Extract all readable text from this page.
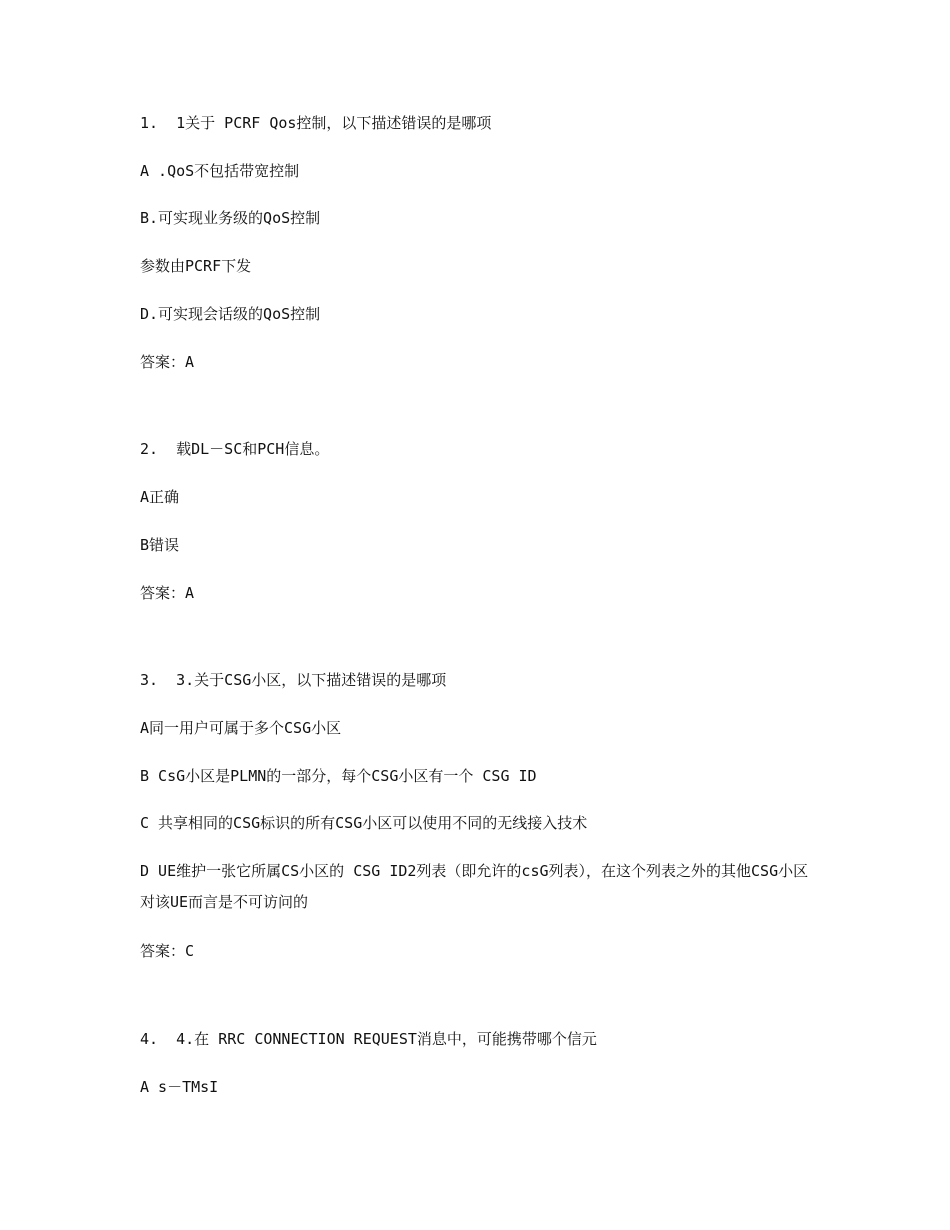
1.  1关于 PCRF Qos控制，以下描述错误的是哪项
A .QoS不包括带宽控制
B.可实现业务级的QoS控制
参数由PCRF下发
D.可实现会话级的QoS控制
答案：A
2.  载DL－SC和PCH信息。
A正确
B错误
答案：A
3.  3.关于CSG小区，以下描述错误的是哪项
A同一用户可属于多个CSG小区
B CsG小区是PLMN的一部分，每个CSG小区有一个 CSG ID
C 共享相同的CSG标识的所有CSG小区可以使用不同的无线接入技术
D UE维护一张它所属CS小区的 CSG ID2列表（即允许的csG列表），在这个列表之外的其他CSG小区对该UE而言是不可访问的
答案：C
4.  4.在 RRC CONNECTION REQUEST消息中，可能携带哪个信元
A s－TMsI
